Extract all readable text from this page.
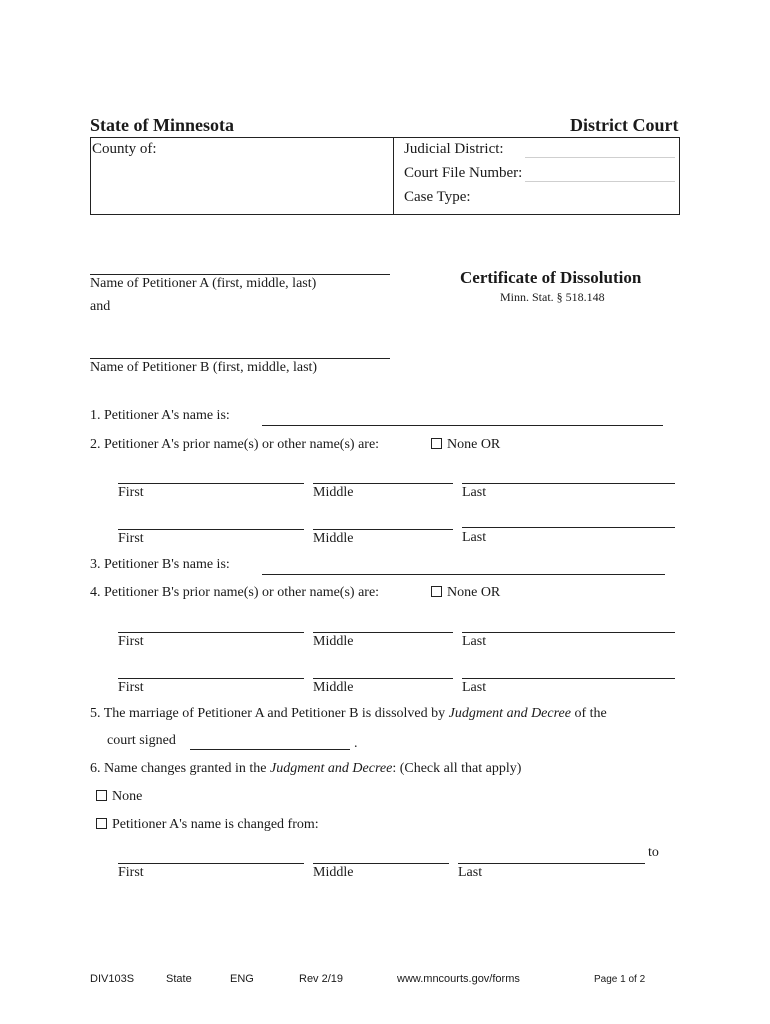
State of Minnesota	District Court
County of:	Judicial District:
Court File Number:
Case Type:
Name of Petitioner A (first, middle, last)
and
Name of Petitioner B (first, middle, last)
Certificate of Dissolution
Minn. Stat. § 518.148
1. Petitioner A's name is:
2. Petitioner A's prior name(s) or other name(s) are:	None OR
First	Middle	Last
First	Middle	Last
3. Petitioner B's name is:
4. Petitioner B's prior name(s) or other name(s) are:	None OR
First	Middle	Last
First	Middle	Last
5. The marriage of Petitioner A and Petitioner B is dissolved by Judgment and Decree of the
court signed	.
6. Name changes granted in the Judgment and Decree: (Check all that apply)
None
Petitioner A's name is changed from:
to
First	Middle	Last
DIV103S	State	ENG	Rev 2/19	www.mncourts.gov/forms	Page 1 of 2
